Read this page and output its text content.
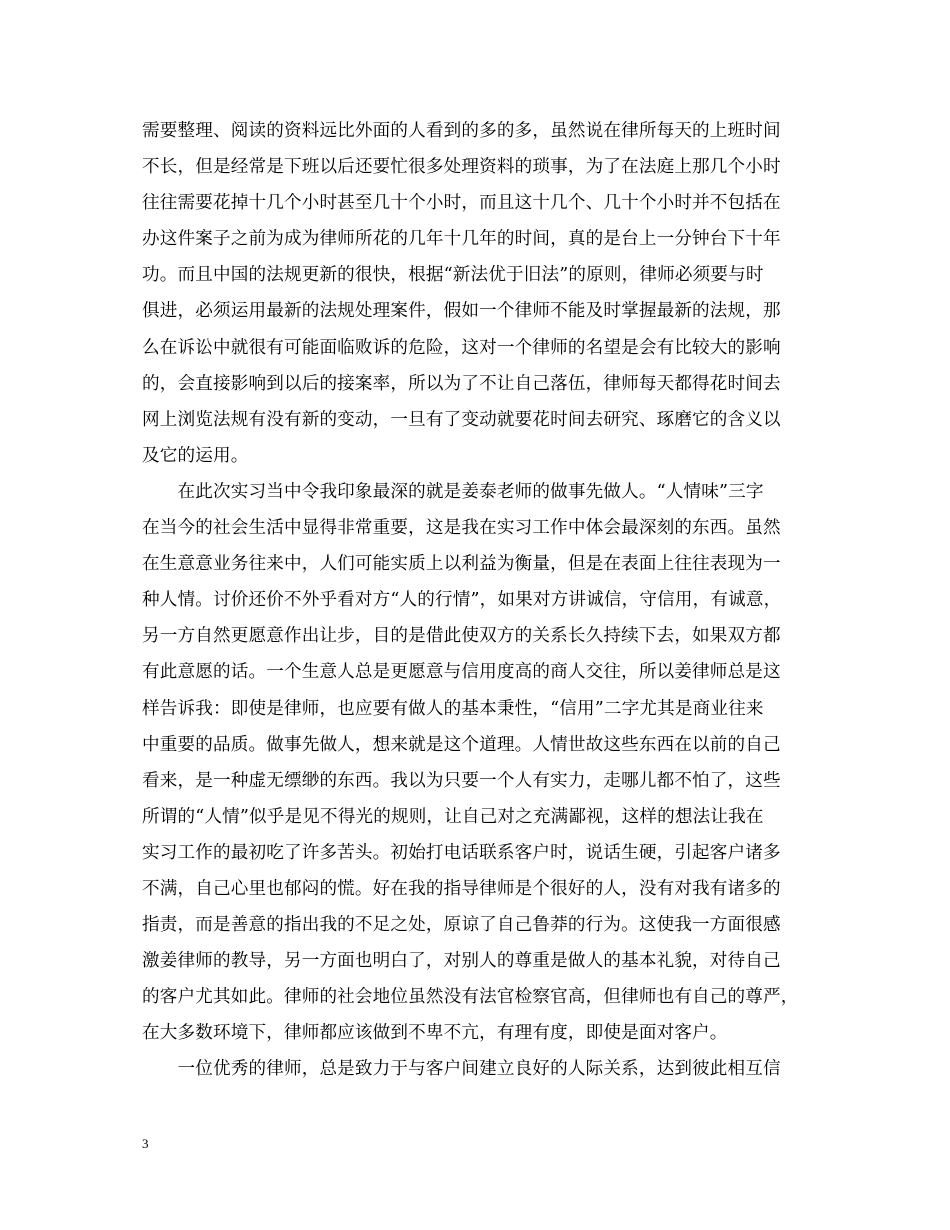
需要整理、阅读的资料远比外面的人看到的多的多，虽然说在律所每天的上班时间
不长，但是经常是下班以后还要忙很多处理资料的琐事，为了在法庭上那几个小时
往往需要花掉十几个小时甚至几十个小时，而且这十几个、几十个小时并不包括在
办这件案子之前为成为律师所花的几年十几年的时间，真的是台上一分钟台下十年
功。而且中国的法规更新的很快，根据“新法优于旧法”的原则，律师必须要与时
俱进，必须运用最新的法规处理案件，假如一个律师不能及时掌握最新的法规，那
么在诉讼中就很有可能面临败诉的危险，这对一个律师的名望是会有比较大的影响
的，会直接影响到以后的接案率，所以为了不让自己落伍，律师每天都得花时间去
网上浏览法规有没有新的变动，一旦有了变动就要花时间去研究、琢磨它的含义以
及它的运用。
　　在此次实习当中令我印象最深的就是姜泰老师的做事先做人。“人情味”三字
在当今的社会生活中显得非常重要，这是我在实习工作中体会最深刻的东西。虽然
在生意意业务往来中，人们可能实质上以利益为衡量，但是在表面上往往表现为一
种人情。讨价还价不外乎看对方“人的行情”，如果对方讲诚信，守信用，有诚意，
另一方自然更愿意作出让步，目的是借此使双方的关系长久持续下去，如果双方都
有此意愿的话。一个生意人总是更愿意与信用度高的商人交往，所以姜律师总是这
样告诉我：即使是律师，也应要有做人的基本秉性，“信用”二字尤其是商业往来
中重要的品质。做事先做人，想来就是这个道理。人情世故这些东西在以前的自己
看来，是一种虚无缥缈的东西。我以为只要一个人有实力，走哪儿都不怕了，这些
所谓的“人情”似乎是见不得光的规则，让自己对之充满鄙视，这样的想法让我在
实习工作的最初吃了许多苦头。初始打电话联系客户时，说话生硬，引起客户诸多
不满，自己心里也郁闷的慌。好在我的指导律师是个很好的人，没有对我有诸多的
指责，而是善意的指出我的不足之处，原谅了自己鲁莽的行为。这使我一方面很感
激姜律师的教导，另一方面也明白了，对别人的尊重是做人的基本礼貌，对待自己
的客户尤其如此。律师的社会地位虽然没有法官检察官高，但律师也有自己的尊严，
在大多数环境下，律师都应该做到不卑不亢，有理有度，即使是面对客户。
　　一位优秀的律师，总是致力于与客户间建立良好的人际关系，达到彼此相互信
3
